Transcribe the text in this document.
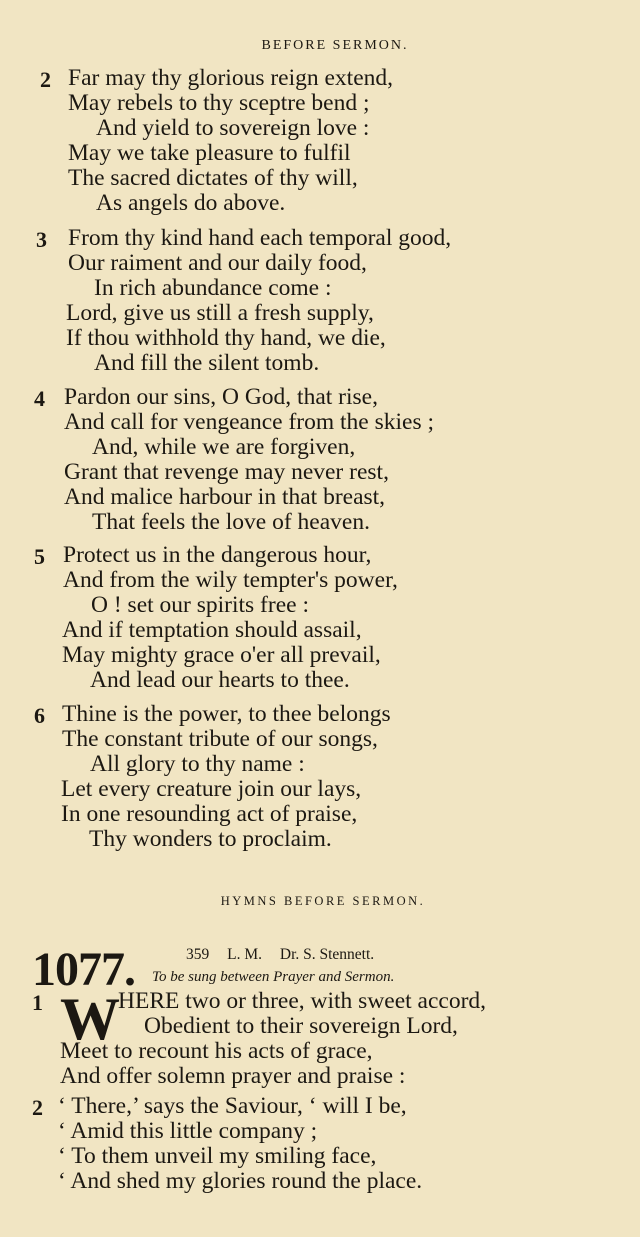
BEFORE SERMON.
2 Far may thy glorious reign extend,
May rebels to thy sceptre bend ;
And yield to sovereign love :
May we take pleasure to fulfil
The sacred dictates of thy will,
As angels do above.
3 From thy kind hand each temporal good,
Our raiment and our daily food,
In rich abundance come :
Lord, give us still a fresh supply,
If thou withhold thy hand, we die,
And fill the silent tomb.
4 Pardon our sins, O God, that rise,
And call for vengeance from the skies ;
And, while we are forgiven,
Grant that revenge may never rest,
And malice harbour in that breast,
That feels the love of heaven.
5 Protect us in the dangerous hour,
And from the wily tempter's power,
O ! set our spirits free :
And if temptation should assail,
May mighty grace o'er all prevail,
And lead our hearts to thee.
6 Thine is the power, to thee belongs
The constant tribute of our songs,
All glory to thy name :
Let every creature join our lays,
In one resounding act of praise,
Thy wonders to proclaim.
HYMNS BEFORE SERMON.
1077.	359 L. M. Dr. S. Stennett.
To be sung between Prayer and Sermon.
1 W
HERE two or three, with sweet accord,
Obedient to their sovereign Lord,
Meet to recount his acts of grace,
And offer solemn prayer and praise :
2 ‘ There,’ says the Saviour, ‘ will I be,
‘ Amid this little company ;
‘ To them unveil my smiling face,
‘ And shed my glories round the place.
